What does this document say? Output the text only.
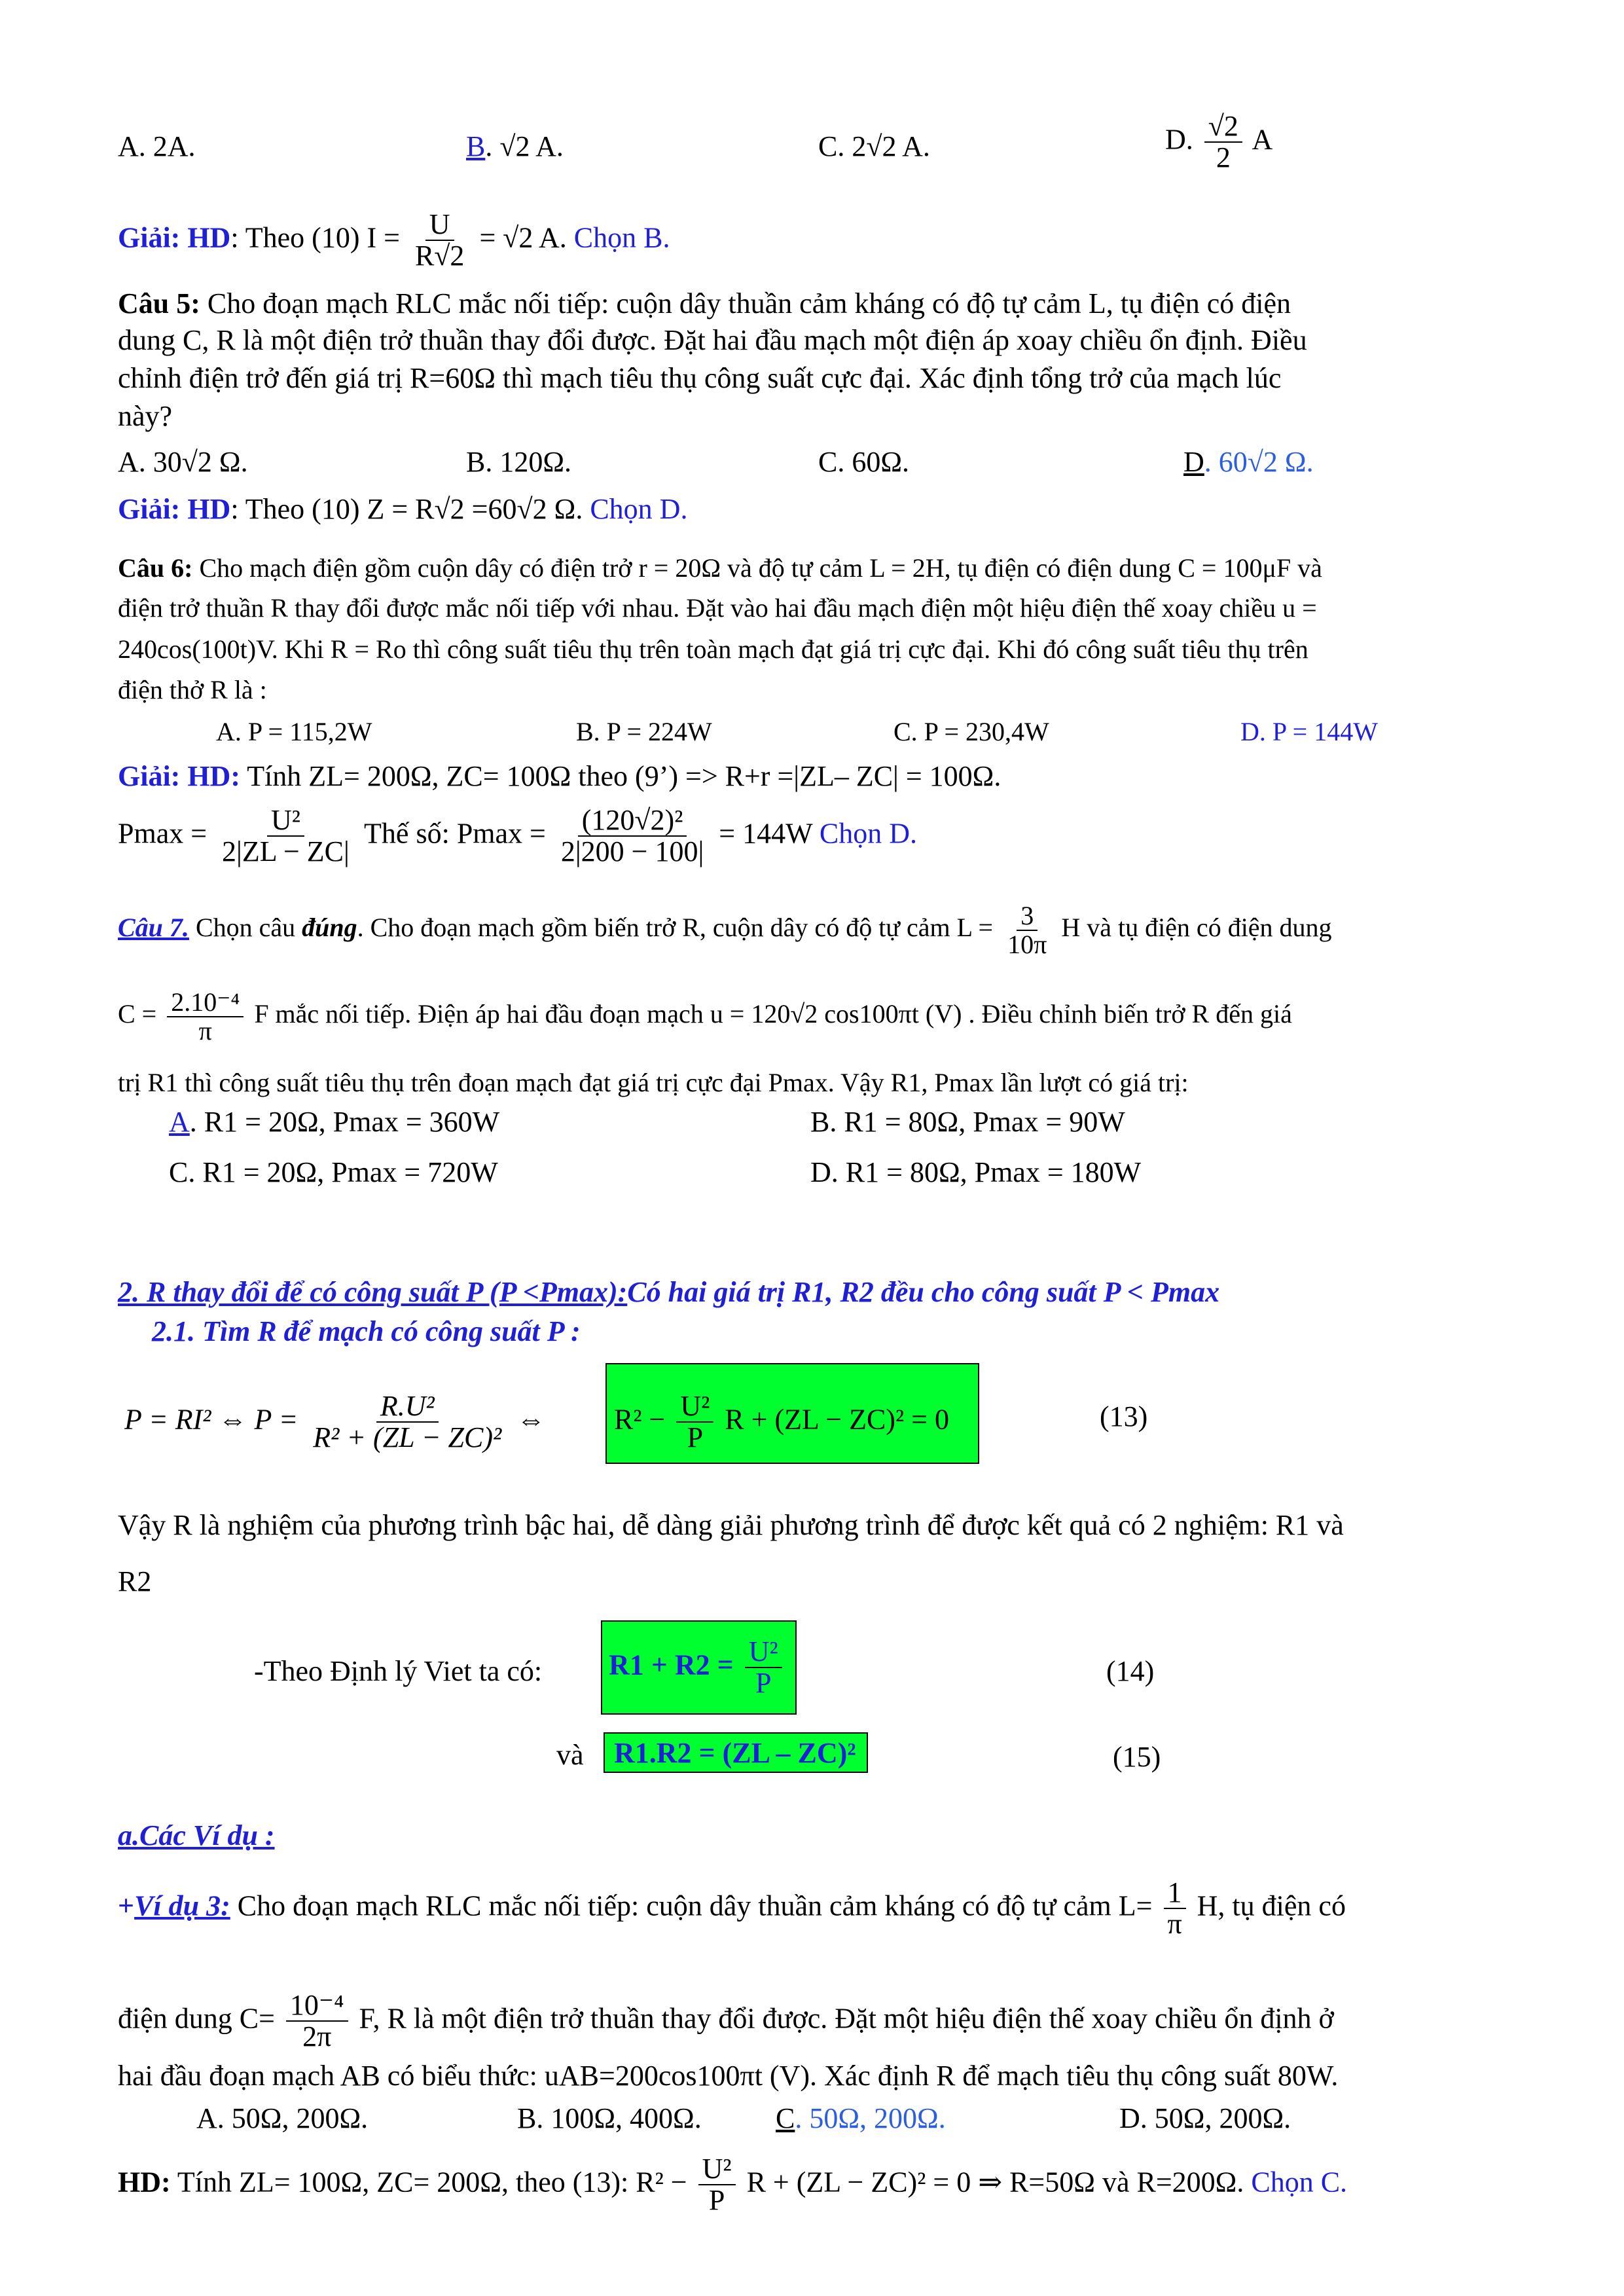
A. 2A.	B. √2 A.	C. 2√2 A.	D. $\frac{√2}{2}$ A
Giải: HD: Theo (10) $I = \frac{U}{R√2} = √2$ A. Chọn B.
Câu 5: Cho đoạn mạch RLC mắc nối tiếp: cuộn dây thuần cảm kháng có độ tự cảm L, tụ điện có điện
dung C, R là một điện trở thuần thay đổi được. Đặt hai đầu mạch một điện áp xoay chiều ổn định. Điều
chỉnh điện trở đến giá trị R=60Ω thì mạch tiêu thụ công suất cực đại. Xác định tổng trở của mạch lúc
này?
A. 30√2 Ω.	B. 120Ω.	C. 60Ω.	D. 60√2 Ω.
Giải: HD: Theo (10) Z = R√2 =60√2 Ω. Chọn D.
Câu 6: Cho mạch điện gồm cuộn dây có điện trở r = 20Ω và độ tự cảm L = 2H, tụ điện có điện dung C = 100μF và
điện trở thuần R thay đổi được mắc nối tiếp với nhau. Đặt vào hai đầu mạch điện một hiệu điện thế xoay chiều u =
240cos(100t)V. Khi R = Ro thì công suất tiêu thụ trên toàn mạch đạt giá trị cực đại. Khi đó công suất tiêu thụ trên
điện thở R là :
A. P = 115,2W	B. P = 224W	C. P = 230,4W	D. P = 144W
Giải: HD: Tính ZL= 200Ω, ZC= 100Ω theo (9’) => R+r =|ZL– ZC| = 100Ω.
$Pmax = \frac{\text{U²}}{2|ZL - ZC|}$ Thế số: $Pmax = \frac{\text{(120√2)²}}{2|200 - 100|} = 144W$ Chọn D.
Câu 7. Chọn câu đúng. Cho đoạn mạch gồm biến trở R, cuộn dây có độ tự cảm $L = \frac{3}{10\pi}$ H và tụ điện có điện dung
$C = \frac{\text{2.10⁻⁴}}{\pi}$ F mắc nối tiếp. Điện áp hai đầu đoạn mạch u = 120√2 cos100πt (V) . Điều chỉnh biến trở R đến giá
trị R1 thì công suất tiêu thụ trên đoạn mạch đạt giá trị cực đại Pmax. Vậy R1, Pmax lần lượt có giá trị:
A. R1 = 20Ω, Pmax = 360W	B. R1 = 80Ω, Pmax = 90W
C. R1 = 20Ω, Pmax = 720W	D. R1 = 80Ω, Pmax = 180W
2. R thay đổi để có công suất P (P <Pmax):Có hai giá trị R1, R2 đều cho công suất P < Pmax
2.1. Tìm R để mạch có công suất P :
P = RI² ⇔ $P = \frac{\text{R.U²}}{\text{R² + (ZL − ZC)²}}$ ⇔ $R^2 - \frac{\text{U²}}{P}$ R + (ZL − ZC)² = 0	(13)
Vậy R là nghiệm của phương trình bậc hai, dễ dàng giải phương trình để được kết quả có 2 nghiệm: R1 và
R2
-Theo Định lý Viet ta có: $R1 + R2 = \frac{\text{U²}}{P}$	(14)
và R1.R2 = (ZL – ZC)²	(15)
a.Các Ví dụ :
+Ví dụ 3: Cho đoạn mạch RLC mắc nối tiếp: cuộn dây thuần cảm kháng có độ tự cảm $L= \frac{1}{\pi} H$, tụ điện có
điện dung $C= \frac{\text{10⁻⁴}}{2\pi} F$, R là một điện trở thuần thay đổi được. Đặt một hiệu điện thế xoay chiều ổn định ở
hai đầu đoạn mạch AB có biểu thức: uAB=200cos100πt (V). Xác định R để mạch tiêu thụ công suất 80W.
A. 50Ω, 200Ω.	B. 100Ω, 400Ω.	C. 50Ω, 200Ω.	D. 50Ω, 200Ω.
HD: Tính ZL= 100Ω, ZC= 200Ω, theo (13): $R^2 - \frac{\text{U²}}{P}$ R + (ZL − ZC)² = 0 ⇒ R=50Ω và R=200Ω. Chọn C.
